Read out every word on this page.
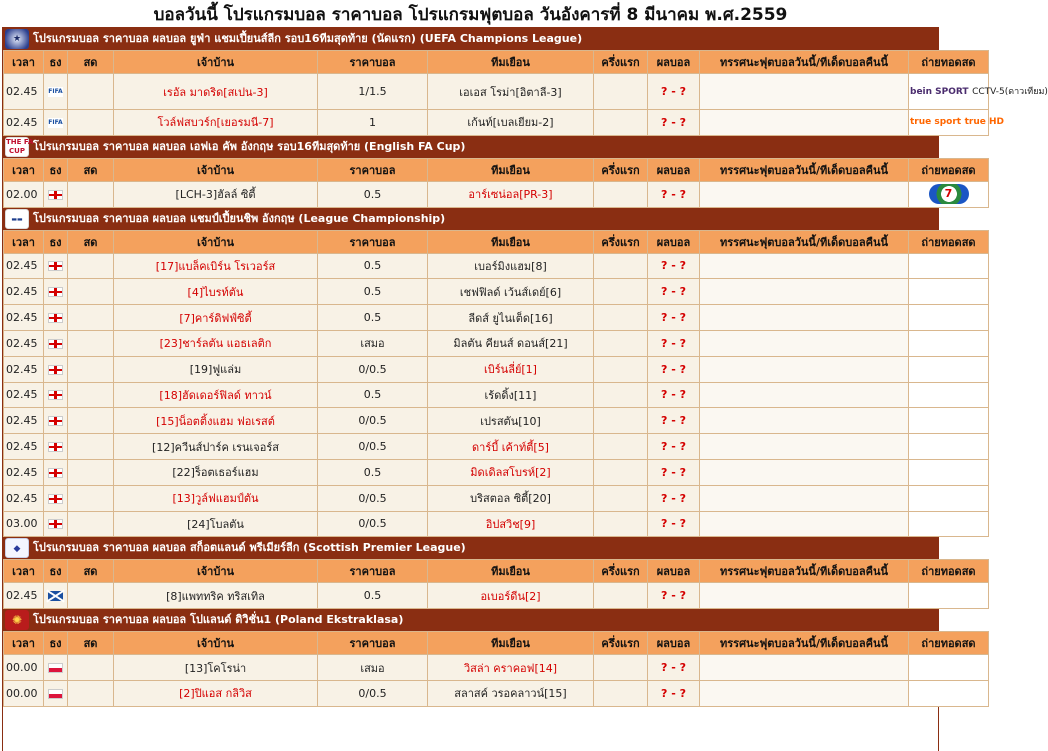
บอลวันนี้ โปรแกรมบอล ราคาบอล โปรแกรมฟุตบอล วันอังคารที่ 8 มีนาคม พ.ศ.2559
★	โปรแกรมบอล ราคาบอล ผลบอล ยูฟ่า แชมเปี้ยนส์ลีก รอบ16ทีมสุดท้าย (นัดแรก) (UEFA Champions League)
เวลา	ธง	สด	เจ้าบ้าน	ราคาบอล	ทีมเยือน	ครึ่งแรก	ผลบอล	ทรรศนะฟุตบอลวันนี้/ทีเด็ดบอลคืนนี้	ถ่ายทอดสด
02.45	FIFA		เรอัล มาดริด[สเปน-3]	1/1.5	เอเอส โรม่า[อิตาลี-3]		? - ?		bein SPORT CCTV-5(ดาวเทียม)
02.45	FIFA		โวล์ฟสบวร์ก[เยอรมนี-7]	1	เก้นท์[เบลเยียม-2]		? - ?		true sport true HD
THE FA
CUP โปรแกรมบอล ราคาบอล ผลบอล เอฟเอ คัพ อังกฤษ รอบ16ทีมสุดท้าย (English FA Cup)
เวลา	ธง	สด	เจ้าบ้าน	ราคาบอล	ทีมเยือน	ครึ่งแรก	ผลบอล	ทรรศนะฟุตบอลวันนี้/ทีเด็ดบอลคืนนี้	ถ่ายทอดสด
02.00			[LCH-3]ฮัลล์ ซิตี้	0.5	อาร์เซน่อล[PR-3]		? - ?		7
▬▬ โปรแกรมบอล ราคาบอล ผลบอล แชมป์เปี้ยนชิพ อังกฤษ (League Championship)
เวลา	ธง	สด	เจ้าบ้าน	ราคาบอล	ทีมเยือน	ครึ่งแรก	ผลบอล	ทรรศนะฟุตบอลวันนี้/ทีเด็ดบอลคืนนี้	ถ่ายทอดสด
02.45			[17]แบล็คเบิร์น โรเวอร์ส	0.5	เบอร์มิงแฮม[8]		? - ?		
02.45			[4]ไบรท์ตัน	0.5	เชฟฟิลด์ เว้นส์เดย์[6]		? - ?		
02.45			[7]คาร์ดิฟฟ์ซิตี้	0.5	ลีดส์ ยูไนเต็ด[16]		? - ?		
02.45			[23]ชาร์ลตัน แอธเลติก	เสมอ	มิลตัน คียนส์ ดอนส์[21]		? - ?		
02.45			[19]ฟูแล่ม	0/0.5	เบิร์นลี่ย์[1]		? - ?		
02.45			[18]ฮัดเดอร์ฟิลด์ ทาวน์	0.5	เร้ดดิ้ง[11]		? - ?		
02.45			[15]น็อตติ้งแฮม ฟอเรสต์	0/0.5	เปรสตัน[10]		? - ?		
02.45			[12]ควีนส์ปาร์ค เรนเจอร์ส	0/0.5	ดาร์บี้ เค้าท์ตี้[5]		? - ?		
02.45			[22]ร็อตเธอร์แฮม	0.5	มิดเดิลสโบรห์[2]		? - ?		
02.45			[13]วูล์ฟแฮมป์ตัน	0/0.5	บริสตอล ซิตี้[20]		? - ?		
03.00			[24]โบลตัน	0/0.5	อิปสวิช[9]		? - ?		
◆	โปรแกรมบอล ราคาบอล ผลบอล สก็อตแลนด์ พรีเมียร์ลีก (Scottish Premier League)
เวลา	ธง	สด	เจ้าบ้าน	ราคาบอล	ทีมเยือน	ครึ่งแรก	ผลบอล	ทรรศนะฟุตบอลวันนี้/ทีเด็ดบอลคืนนี้	ถ่ายทอดสด
02.45			[8]แพททริค ทริสเทิล	0.5	อเบอร์ดีน[2]		? - ?		
✺ โปรแกรมบอล ราคาบอล ผลบอล โปแลนด์ ดิวิชั่น1 (Poland Ekstraklasa)
เวลา	ธง	สด	เจ้าบ้าน	ราคาบอล	ทีมเยือน	ครึ่งแรก	ผลบอล	ทรรศนะฟุตบอลวันนี้/ทีเด็ดบอลคืนนี้	ถ่ายทอดสด
00.00			[13]โคโรน่า	เสมอ	วิสล่า คราคอฟ[14]		? - ?		
00.00			[2]ปิแอส กลิวิส	0/0.5	สลาสค์ วรอคลาวน์[15]		? - ?		
